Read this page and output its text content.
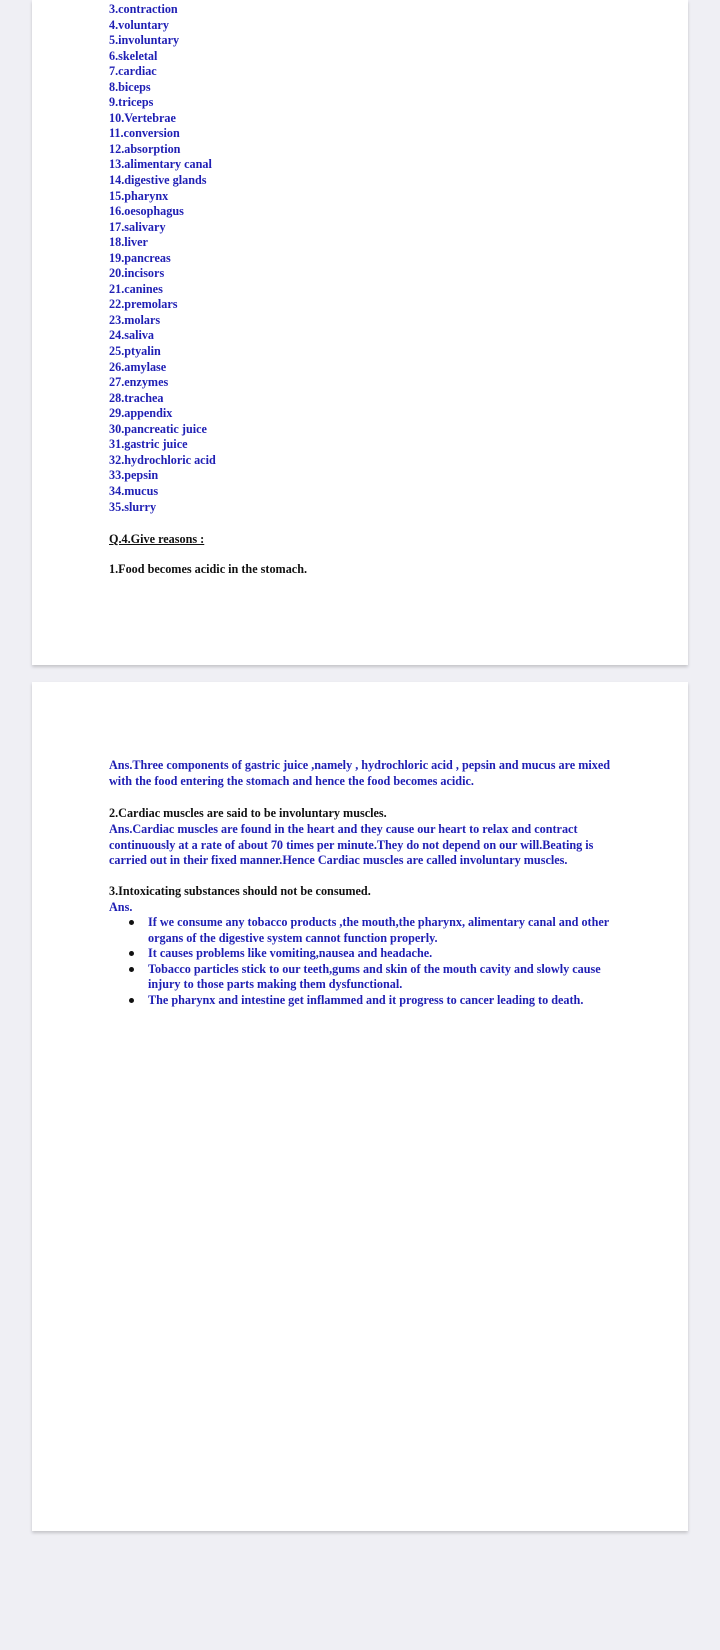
3.contraction
4.voluntary
5.involuntary
6.skeletal
7.cardiac
8.biceps
9.triceps
10.Vertebrae
11.conversion
12.absorption
13.alimentary canal
14.digestive glands
15.pharynx
16.oesophagus
17.salivary
18.liver
19.pancreas
20.incisors
21.canines
22.premolars
23.molars
24.saliva
25.ptyalin
26.amylase
27.enzymes
28.trachea
29.appendix
30.pancreatic juice
31.gastric juice
32.hydrochloric acid
33.pepsin
34.mucus
35.slurry
Q.4.Give reasons :

1.Food becomes acidic in the stomach.

Ans.Three components of gastric juice ,namely , hydrochloric acid , pepsin and mucus are mixed with the food entering the stomach and hence the food becomes acidic.

2.Cardiac muscles are said to be involuntary muscles.

Ans.Cardiac muscles are found in the heart and they cause our heart to relax and contract continuously at a rate of about 70 times per minute.They do not depend on our will.Beating is carried out in their fixed manner.Hence Cardiac muscles are called involuntary muscles.

3.Intoxicating substances should not be consumed.

Ans.

If we consume any tobacco products ,the mouth,the pharynx, alimentary canal and other organs of the digestive system cannot function properly.
It causes problems like vomiting,nausea and headache.
Tobacco particles stick to our teeth,gums and skin of the mouth cavity and slowly cause injury to those parts making them dysfunctional.
The pharynx and intestine get inflammed and it progress to cancer leading to death.
